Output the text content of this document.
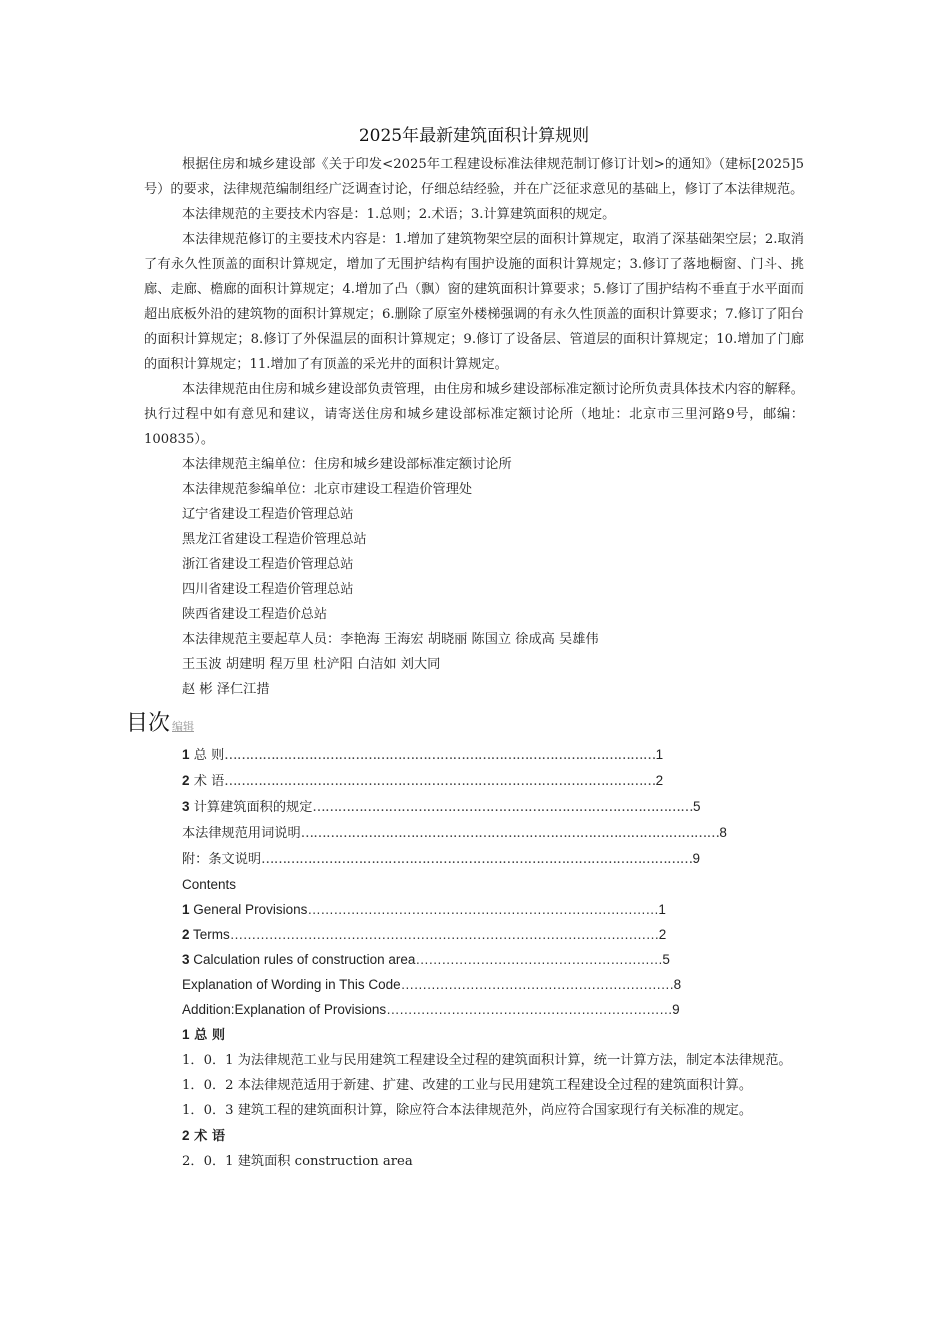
2025年最新建筑面积计算规则

根据住房和城乡建设部《关于印发<2025年工程建设标准法律规范制订修订计划>的通知》（建标[2025]5号）的要求，法律规范编制组经广泛调查讨论，仔细总结经验，并在广泛征求意见的基础上，修订了本法律规范。

本法律规范的主要技术内容是：1.总则；2.术语；3.计算建筑面积的规定。

本法律规范修订的主要技术内容是：1.增加了建筑物架空层的面积计算规定，取消了深基础架空层；2.取消了有永久性顶盖的面积计算规定，增加了无围护结构有围护设施的面积计算规定；3.修订了落地橱窗、门斗、挑廊、走廊、檐廊的面积计算规定；4.增加了凸（飘）窗的建筑面积计算要求；5.修订了围护结构不垂直于水平面而超出底板外沿的建筑物的面积计算规定；6.删除了原室外楼梯强调的有永久性顶盖的面积计算要求；7.修订了阳台的面积计算规定；8.修订了外保温层的面积计算规定；9.修订了设备层、管道层的面积计算规定；10.增加了门廊的面积计算规定；11.增加了有顶盖的采光井的面积计算规定。

本法律规范由住房和城乡建设部负责管理，由住房和城乡建设部标准定额讨论所负责具体技术内容的解释。执行过程中如有意见和建议，请寄送住房和城乡建设部标准定额讨论所（地址：北京市三里河路9号，邮编：100835）。

本法律规范主编单位：住房和城乡建设部标准定额讨论所

本法律规范参编单位：北京市建设工程造价管理处

辽宁省建设工程造价管理总站

黑龙江省建设工程造价管理总站

浙江省建设工程造价管理总站

四川省建设工程造价管理总站

陕西省建设工程造价总站

本法律规范主要起草人员：李艳海 王海宏 胡晓丽 陈国立 徐成高 吴雄伟

王玉波 胡建明 程万里 杜浐阳 白洁如 刘大同

赵 彬 泽仁江措

目次 编辑

1 总 则…………………………………………………………………………………………1

2 术 语…………………………………………………………………………………………2

3 计算建筑面积的规定………………………………………………………………………………5

本法律规范用词说明………………………………………………………………………………………8

附：条文说明…………………………………………………………………………………………9

Contents

1 General Provisions………………………………………………………………………1

2 Terms………………………………………………………………………………………2

3 Calculation rules of construction area…………………………………………………5

Explanation of Wording in This Code………………………………………………………8

Addition:Explanation of Provisions…………………………………………………………9

1 总 则

1．0．1 为法律规范工业与民用建筑工程建设全过程的建筑面积计算，统一计算方法，制定本法律规范。

1．0．2 本法律规范适用于新建、扩建、改建的工业与民用建筑工程建设全过程的建筑面积计算。

1．0．3 建筑工程的建筑面积计算，除应符合本法律规范外，尚应符合国家现行有关标准的规定。

2 术 语

2．0．1 建筑面积 construction area
